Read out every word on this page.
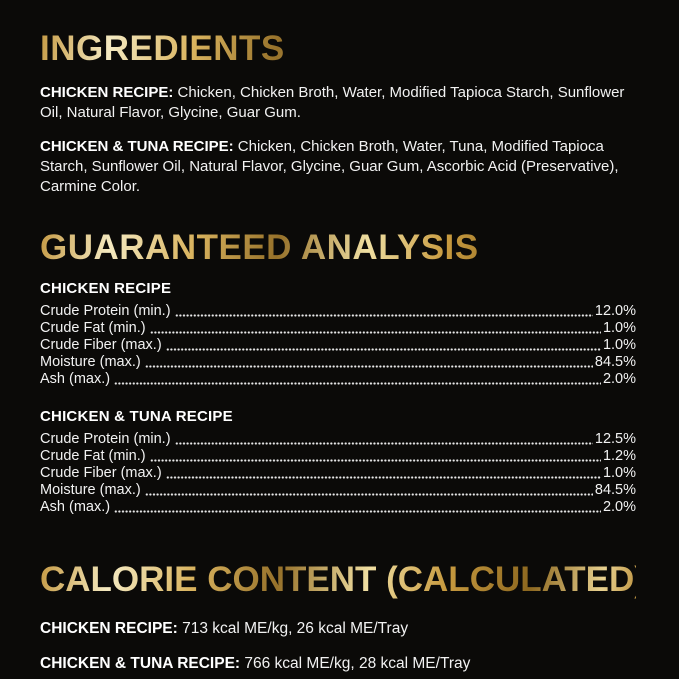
INGREDIENTS

CHICKEN RECIPE: Chicken, Chicken Broth, Water, Modified Tapioca Starch, Sunflower Oil, Natural Flavor, Glycine, Guar Gum.

CHICKEN & TUNA RECIPE: Chicken, Chicken Broth, Water, Tuna, Modified Tapioca Starch, Sunflower Oil, Natural Flavor, Glycine, Guar Gum, Ascorbic Acid (Preservative), Carmine Color.

GUARANTEED ANALYSIS
CHICKEN RECIPE
Crude Protein (min.)	12.0%
Crude Fat (min.)	1.0%
Crude Fiber (max.)	1.0%
Moisture (max.)	84.5%
Ash (max.)	2.0%
CHICKEN & TUNA RECIPE
Crude Protein (min.)	12.5%
Crude Fat (min.)	1.2%
Crude Fiber (max.)	1.0%
Moisture (max.)	84.5%
Ash (max.)	2.0%
CALORIE CONTENT (CALCULATED):

CHICKEN RECIPE: 713 kcal ME/kg, 26 kcal ME/Tray

CHICKEN & TUNA RECIPE: 766 kcal ME/kg, 28 kcal ME/Tray
